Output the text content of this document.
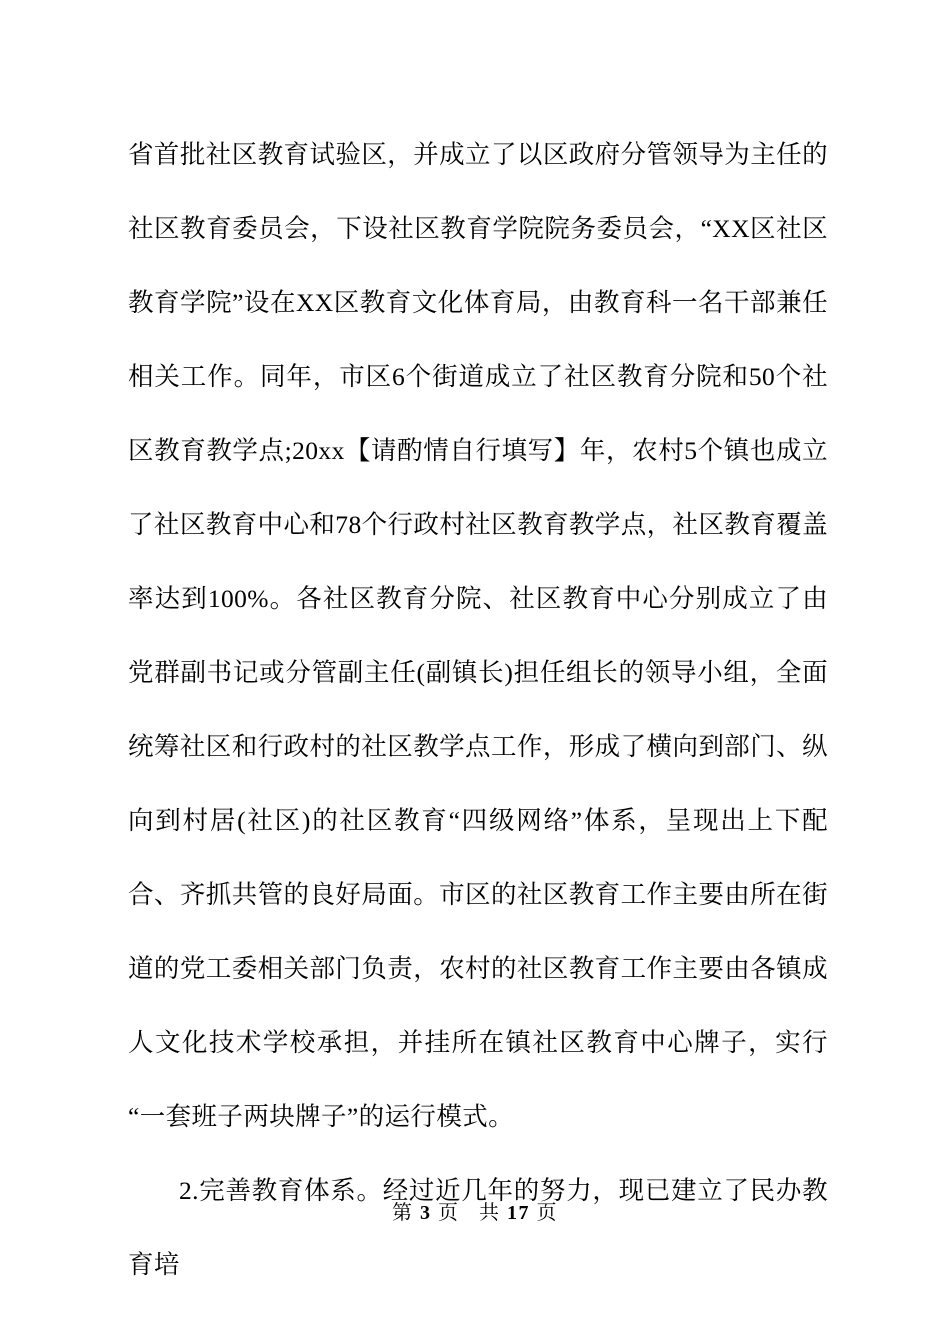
省首批社区教育试验区，并成立了以区政府分管领导为主任的社区教育委员会，下设社区教育学院院务委员会，“XX区社区教育学院”设在XX区教育文化体育局，由教育科一名干部兼任相关工作。同年，市区6个街道成立了社区教育分院和50个社区教育教学点;20xx【请酌情自行填写】年，农村5个镇也成立了社区教育中心和78个行政村社区教育教学点，社区教育覆盖率达到100%。各社区教育分院、社区教育中心分别成立了由党群副书记或分管副主任(副镇长)担任组长的领导小组，全面统筹社区和行政村的社区教学点工作，形成了横向到部门、纵向到村居(社区)的社区教育“四级网络”体系，呈现出上下配合、齐抓共管的良好局面。市区的社区教育工作主要由所在街道的党工委相关部门负责，农村的社区教育工作主要由各镇成人文化技术学校承担，并挂所在镇社区教育中心牌子，实行“一套班子两块牌子”的运行模式。

2.完善教育体系。经过近几年的努力，现已建立了民办教育培

第 3 页 共 17 页
